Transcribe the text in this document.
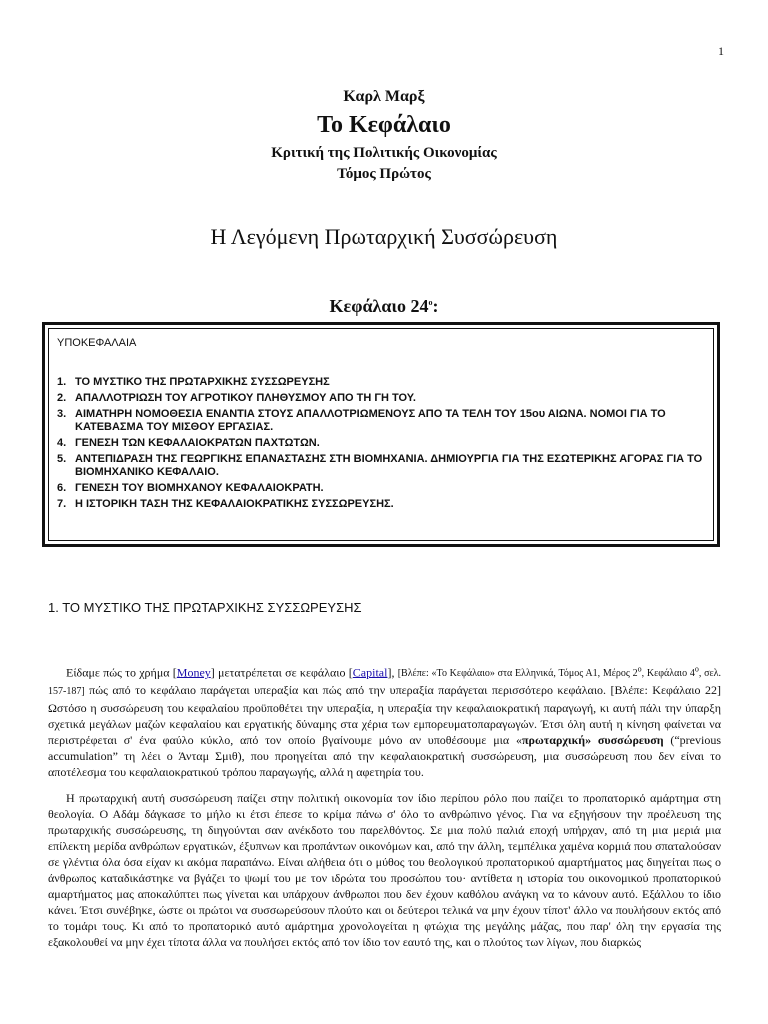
1
Καρλ Μαρξ
Το Κεφάλαιο
Κριτική της Πολιτικής Οικονομίας
Τόμος Πρώτος
Η Λεγόμενη Πρωταρχική Συσσώρευση
Κεφάλαιο $24^o$:
ΥΠΟΚΕΦΑΛΑΙΑ
1. ΤΟ ΜΥΣΤΙΚΟ ΤΗΣ ΠΡΩΤΑΡΧΙΚΗΣ ΣΥΣΣΩΡΕΥΣΗΣ
2. ΑΠΑΛΛΟΤΡΙΩΣΗ ΤΟΥ ΑΓΡΟΤΙΚΟΥ ΠΛΗΘΥΣΜΟΥ ΑΠΟ ΤΗ ΓΗ ΤΟΥ.
3. ΑΙΜΑΤΗΡΗ ΝΟΜΟΘΕΣΙΑ ΕΝΑΝΤΙΑ ΣΤΟΥΣ ΑΠΑΛΛΟΤΡΙΩΜΕΝΟΥΣ ΑΠΟ ΤΑ ΤΕΛΗ ΤΟΥ 15ου ΑΙΩΝΑ. ΝΟΜΟΙ ΓΙΑ ΤΟ ΚΑΤΕΒΑΣΜΑ ΤΟΥ ΜΙΣΘΟΥ ΕΡΓΑΣΙΑΣ.
4. ΓΕΝΕΣΗ ΤΩΝ ΚΕΦΑΛΑΙΟΚΡΑΤΩΝ ΠΑΧΤΩΤΩΝ.
5. ΑΝΤΕΠΙΔΡΑΣΗ ΤΗΣ ΓΕΩΡΓΙΚΗΣ ΕΠΑΝΑΣΤΑΣΗΣ ΣΤΗ ΒΙΟΜΗΧΑΝΙΑ. ΔΗΜΙΟΥΡΓΙΑ ΓΙΑ ΤΗΣ ΕΣΩΤΕΡΙΚΗΣ ΑΓΟΡΑΣ ΓΙΑ ΤΟ ΒΙΟΜΗΧΑΝΙΚΟ ΚΕΦΑΛΑΙΟ.
6. ΓΕΝΕΣΗ ΤΟΥ ΒΙΟΜΗΧΑΝΟΥ ΚΕΦΑΛΑΙΟΚΡΑΤΗ.
7. Η ΙΣΤΟΡΙΚΗ ΤΑΣΗ ΤΗΣ ΚΕΦΑΛΑΙΟΚΡΑΤΙΚΗΣ ΣΥΣΣΩΡΕΥΣΗΣ.
1. ΤΟ ΜΥΣΤΙΚΟ ΤΗΣ ΠΡΩΤΑΡΧΙΚΗΣ ΣΥΣΣΩΡΕΥΣΗΣ

Είδαμε πώς το χρήμα [Money] μετατρέπεται σε κεφάλαιο [Capital], [Βλέπε: «Το Κεφάλαιο» στα Ελληνικά, Τόμος Α1, Μέρος $2^o$, Κεφάλαιο $4^o$, σελ. 157-187] πώς από το κεφάλαιο παράγεται υπεραξία και πώς από την υπεραξία παράγεται περισσότερο κεφάλαιο. [Βλέπε: Κεφάλαιο 22] Ωστόσο η συσσώρευση του κεφαλαίου προϋποθέτει την υπεραξία, η υπεραξία την κεφαλαιοκρατική παραγωγή, κι αυτή πάλι την ύπαρξη σχετικά μεγάλων μαζών κεφαλαίου και εργατικής δύναμης στα χέρια των εμπορευματοπαραγωγών. Έτσι όλη αυτή η κίνηση φαίνεται να περιστρέφεται σ' ένα φαύλο κύκλο, από τον οποίο βγαίνουμε μόνο αν υποθέσουμε μια «πρωταρχική» συσσώρευση (“previous accumulation” τη λέει ο Άνταμ Σμιθ), που προηγείται από την κεφαλαιοκρατική συσσώρευση, μια συσσώρευση που δεν είναι το αποτέλεσμα του κεφαλαιοκρατικού τρόπου παραγωγής, αλλά η αφετηρία του.

Η πρωταρχική αυτή συσσώρευση παίζει στην πολιτική οικονομία τον ίδιο περίπου ρόλο που παίζει το προπατορικό αμάρτημα στη θεολογία. Ο Αδάμ δάγκασε το μήλο κι έτσι έπεσε το κρίμα πάνω σ' όλο το ανθρώπινο γένος. Για να εξηγήσουν την προέλευση της πρωταρχικής συσσώρευσης, τη διηγούνται σαν ανέκδοτο του παρελθόντος. Σε μια πολύ παλιά εποχή υπήρχαν, από τη μια μεριά μια επίλεκτη μερίδα ανθρώπων εργατικών, έξυπνων και προπάντων οικονόμων και, από την άλλη, τεμπέλικα χαμένα κορμιά που σπαταλούσαν σε γλέντια όλα όσα είχαν κι ακόμα παραπάνω. Είναι αλήθεια ότι ο μύθος του θεολογικού προπατορικού αμαρτήματος μας διηγείται πως ο άνθρωπος καταδικάστηκε να βγάζει το ψωμί του με τον ιδρώτα του προσώπου του· αντίθετα η ιστορία του οικονομικού προπατορικού αμαρτήματος μας αποκαλύπτει πως γίνεται και υπάρχουν άνθρωποι που δεν έχουν καθόλου ανάγκη να το κάνουν αυτό. Εξάλλου το ίδιο κάνει. Έτσι συνέβηκε, ώστε οι πρώτοι να συσσωρεύσουν πλούτο και οι δεύτεροι τελικά να μην έχουν τίποτ' άλλο να πουλήσουν εκτός από το τομάρι τους. Κι από το προπατορικό αυτό αμάρτημα χρονολογείται η φτώχια της μεγάλης μάζας, που παρ' όλη την εργασία της εξακολουθεί να μην έχει τίποτα άλλα να πουλήσει εκτός από τον ίδιο τον εαυτό της, και ο πλούτος των λίγων, που διαρκώς
